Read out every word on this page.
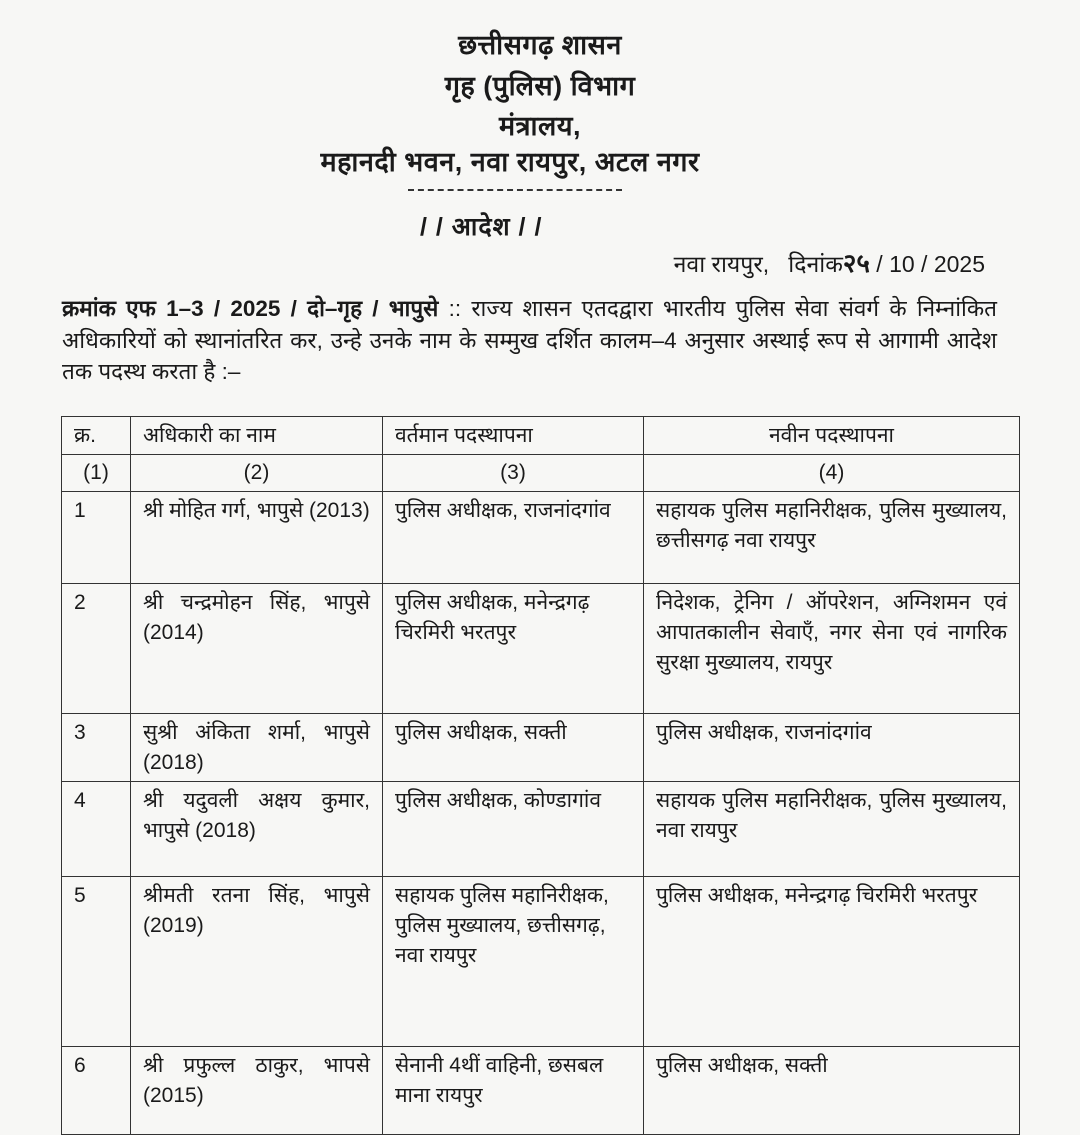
छत्तीसगढ़ शासन
गृह (पुलिस) विभाग
मंत्रालय,
महानदी भवन, नवा रायपुर, अटल नगर
/ / आदेश / /
नवा रायपुर, दिनांक२५ / 10 / 2025
क्रमांक एफ 1–3 / 2025 / दो–गृह / भापुसे :: राज्य शासन एतदद्वारा भारतीय पुलिस सेवा संवर्ग के निम्नांकित अधिकारियों को स्थानांतरित कर, उन्हे उनके नाम के सम्मुख दर्शित कालम–4 अनुसार अस्थाई रूप से आगामी आदेश तक पदस्थ करता है :–
क्र.	अधिकारी का नाम	वर्तमान पदस्थापना	नवीन पदस्थापना
(1)	(2)	(3)	(4)
1	श्री मोहित गर्ग, भापुसे (2013)	पुलिस अधीक्षक, राजनांदगांव	सहायक पुलिस महानिरीक्षक, पुलिस मुख्यालय, छत्तीसगढ़ नवा रायपुर
2	श्री चन्द्रमोहन सिंह, भापुसे (2014)	पुलिस अधीक्षक, मनेन्द्रगढ़ चिरमिरी भरतपुर	निदेशक, ट्रेनिग / ऑपरेशन, अग्निशमन एवं आपातकालीन सेवाऍं, नगर सेना एवं नागरिक सुरक्षा मुख्यालय, रायपुर
3	सुश्री अंकिता शर्मा, भापुसे (2018)	पुलिस अधीक्षक, सक्ती	पुलिस अधीक्षक, राजनांदगांव
4	श्री यदुवली अक्षय कुमार, भापुसे (2018)	पुलिस अधीक्षक, कोण्डागांव	सहायक पुलिस महानिरीक्षक, पुलिस मुख्यालय, नवा रायपुर
5	श्रीमती रतना सिंह, भापुसे (2019)	सहायक पुलिस महानिरीक्षक, पुलिस मुख्यालय, छत्तीसगढ़, नवा रायपुर	पुलिस अधीक्षक, मनेन्द्रगढ़ चिरमिरी भरतपुर
6	श्री प्रफुल्ल ठाकुर, भापसे (2015)	सेनानी 4थीं वाहिनी, छसबल माना रायपुर	पुलिस अधीक्षक, सक्ती
